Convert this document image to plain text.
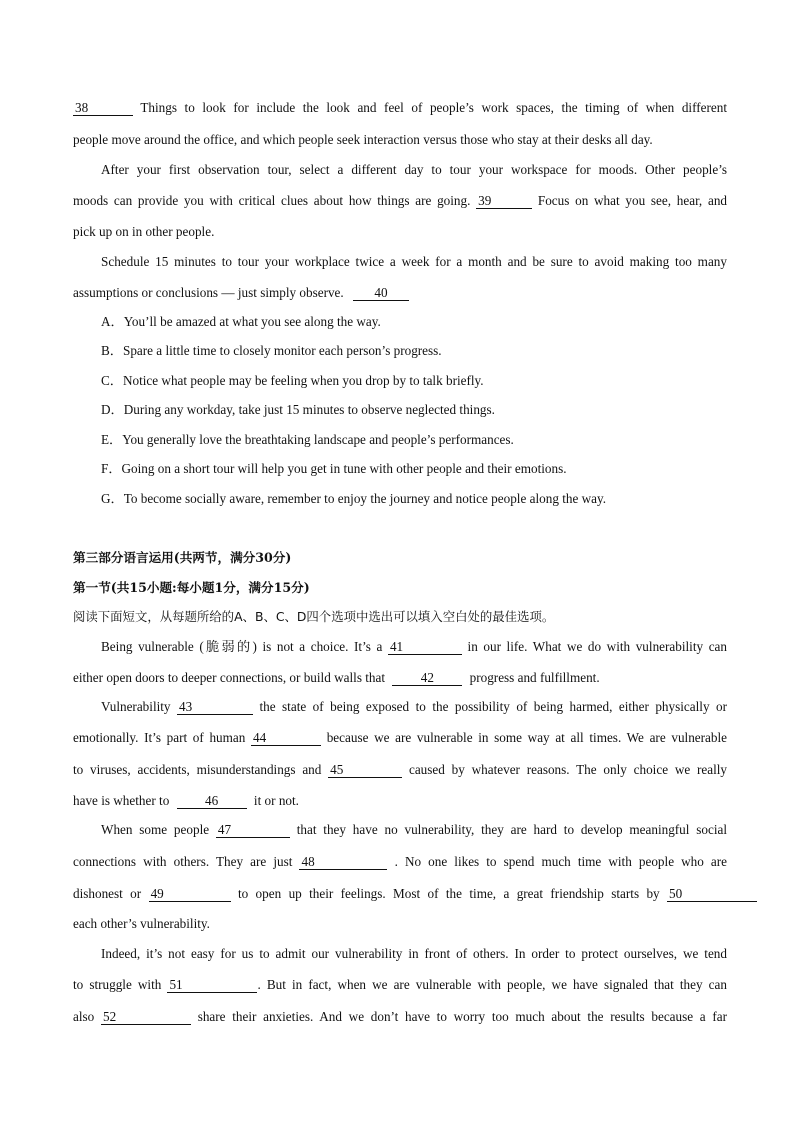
38	Things to look for include the look and feel of people’s work spaces, the timing of when different
people move around the office, and which people seek interaction versus those who stay at their desks all day.
After your first observation tour, select a different day to tour your workspace for moods. Other people’s
moods can provide you with critical clues about how things are going. 39	Focus on what you see, hear, and
pick up on in other people.
Schedule 15 minutes to tour your workplace twice a week for a month and be sure to avoid making too many
assumptions or conclusions — just simply observe. 40
A．You’ll be amazed at what you see along the way.
B．Spare a little time to closely monitor each person’s progress.
C．Notice what people may be feeling when you drop by to talk briefly.
D．During any workday, take just 15 minutes to observe neglected things.
E．You generally love the breathtaking landscape and people’s performances.
F．Going on a short tour will help you get in tune with other people and their emotions.
G．To become socially aware, remember to enjoy the journey and notice people along the way.
第三部分语言运用(共两节，满分30分)
第一节(共15小题:每小题1分，满分15分)
阅读下面短文，从每题所给的A、B、C、D四个选项中选出可以填入空白处的最佳选项。
Being vulnerable (脆弱的) is not a choice. It’s a 41	in our life. What we do with vulnerability can
either open doors to deeper connections, or build walls that	42	progress and fulfillment.
Vulnerability 43	the state of being exposed to the possibility of being harmed, either physically or
emotionally. It’s part of human 44	because we are vulnerable in some way at all times. We are vulnerable
to viruses, accidents, misunderstandings and 45	caused by whatever reasons. The only choice we really
have is whether to	46	it or not.
When some people 47	that they have no vulnerability, they are hard to develop meaningful social
connections with others. They are just 48	. No one likes to spend much time with people who are
dishonest or 49	to open up their feelings. Most of the time, a great friendship starts by 50
each other’s vulnerability.
Indeed, it’s not easy for us to admit our vulnerability in front of others. In order to protect ourselves, we tend
to struggle with 51	. But in fact, when we are vulnerable with people, we have signaled that they can
also 52	share their anxieties. And we don’t have to worry too much about the results because a far
